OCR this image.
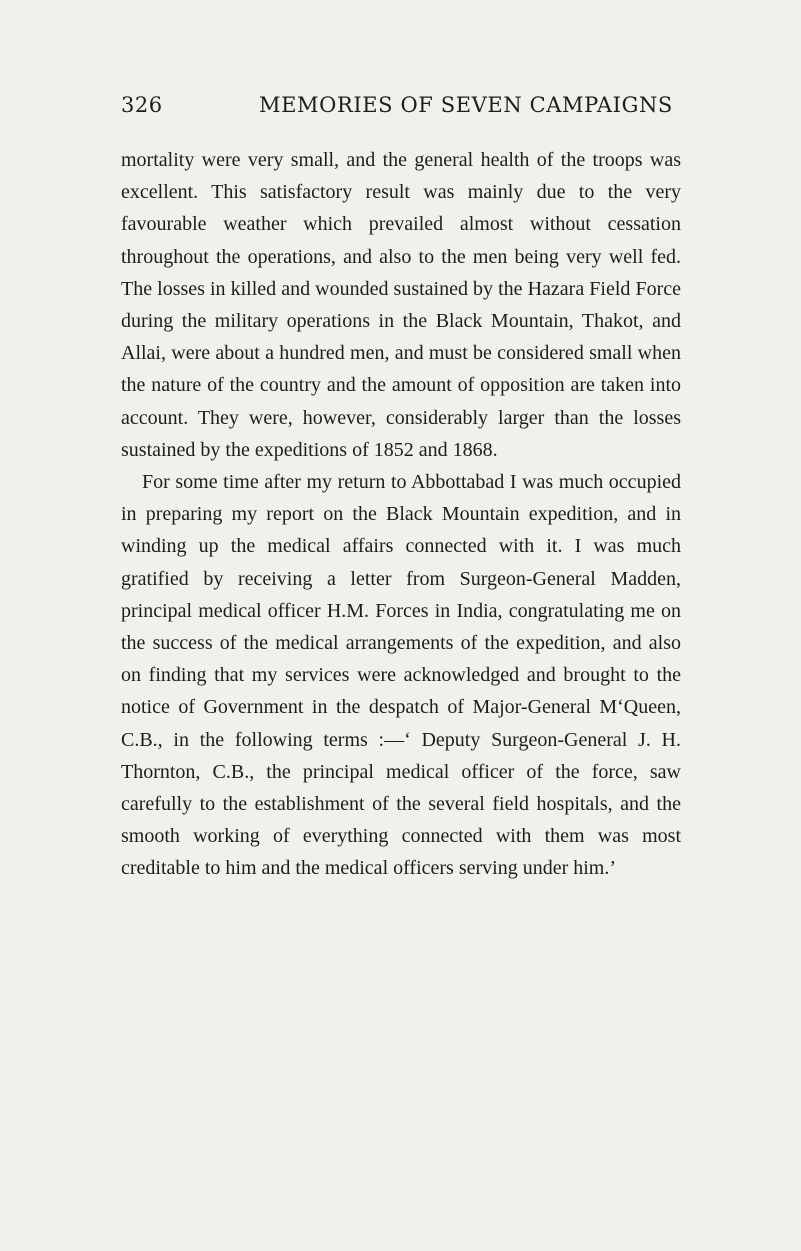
326	MEMORIES OF SEVEN CAMPAIGNS

mortality were very small, and the general health of the troops was excellent. This satisfactory result was mainly due to the very favourable weather which prevailed almost without cessation throughout the operations, and also to the men being very well fed. The losses in killed and wounded sustained by the Hazara Field Force during the military operations in the Black Mountain, Thakot, and Allai, were about a hundred men, and must be considered small when the nature of the country and the amount of opposition are taken into account. They were, however, considerably larger than the losses sustained by the expeditions of 1852 and 1868.

For some time after my return to Abbottabad I was much occupied in preparing my report on the Black Mountain expedition, and in winding up the medical affairs connected with it. I was much gratified by receiving a letter from Surgeon-General Madden, principal medical officer H.M. Forces in India, congratulating me on the success of the medical arrangements of the expedition, and also on finding that my services were acknowledged and brought to the notice of Government in the despatch of Major-General M‘Queen, C.B., in the following terms :—‘ Deputy Surgeon-General J. H. Thornton, C.B., the principal medical officer of the force, saw carefully to the establishment of the several field hospitals, and the smooth working of everything connected with them was most creditable to him and the medical officers serving under him.’
